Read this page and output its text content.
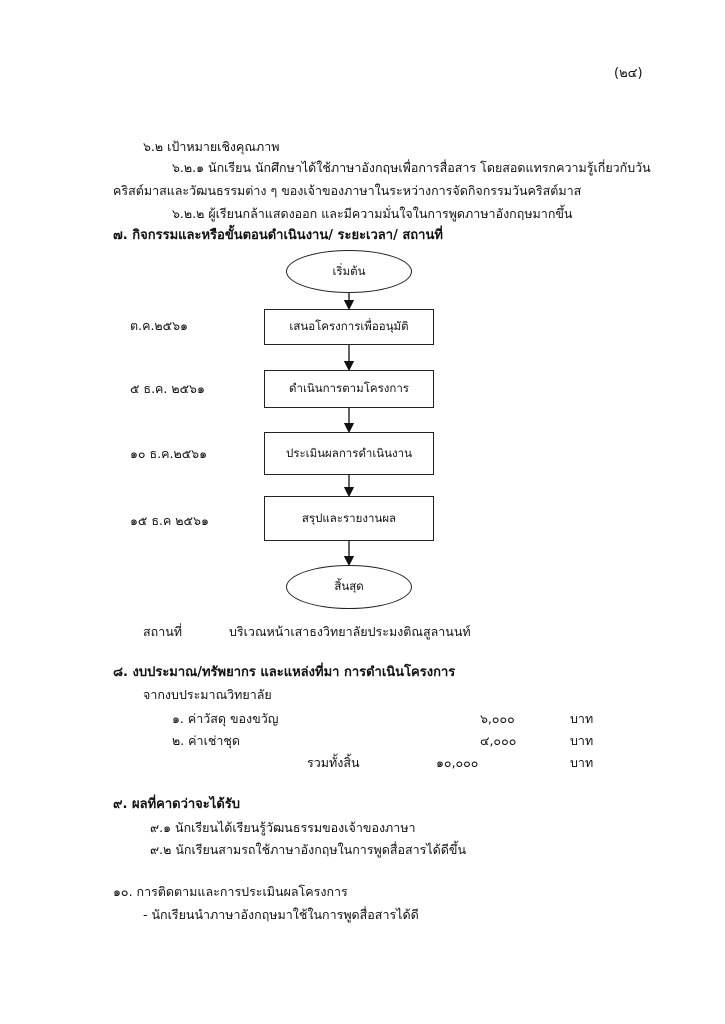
(๒๔)
๖.๒ เป้าหมายเชิงคุณภาพ
๖.๒.๑ นักเรียน นักศึกษาได้ใช้ภาษาอังกฤษเพื่อการสื่อสาร โดยสอดแทรกความรู้เกี่ยวกับวัน
คริสต์มาสและวัฒนธรรมต่าง ๆ ของเจ้าของภาษาในระหว่างการจัดกิจกรรมวันคริสต์มาส
๖.๒.๒ ผู้เรียนกล้าแสดงออก และมีความมั่นใจในการพูดภาษาอังกฤษมากขึ้น
๗. กิจกรรมและหรือขั้นตอนดำเนินงาน/ ระยะเวลา/ สถานที่
เริ่มต้น
ต.ค.๒๕๖๑	เสนอโครงการเพื่ออนุมัติ
๕ ธ.ค. ๒๕๖๑	ดำเนินการตามโครงการ
๑๐ ธ.ค.๒๕๖๑	ประเมินผลการดำเนินงาน
๑๕ ธ.ค ๒๕๖๑	สรุปและรายงานผล
สิ้นสุด
สถานที่	บริเวณหน้าเสาธงวิทยาลัยประมงติณสูลานนท์
๘. งบประมาณ/ทรัพยากร และแหล่งที่มา การดำเนินโครงการ
จากงบประมาณวิทยาลัย
๑. ค่าวัสดุ ของขวัญ	๖,๐๐๐	บาท
๒. ค่าเช่าชุด	๔,๐๐๐	บาท
รวมทั้งสิ้น	๑๐,๐๐๐	บาท
๙. ผลที่คาดว่าจะได้รับ
๙.๑ นักเรียนได้เรียนรู้วัฒนธรรมของเจ้าของภาษา
๙.๒ นักเรียนสามรถใช้ภาษาอังกฤษในการพูดสื่อสารได้ดีขึ้น
๑๐. การติดตามและการประเมินผลโครงการ
- นักเรียนนำภาษาอังกฤษมาใช้ในการพูดสื่อสารได้ดี
